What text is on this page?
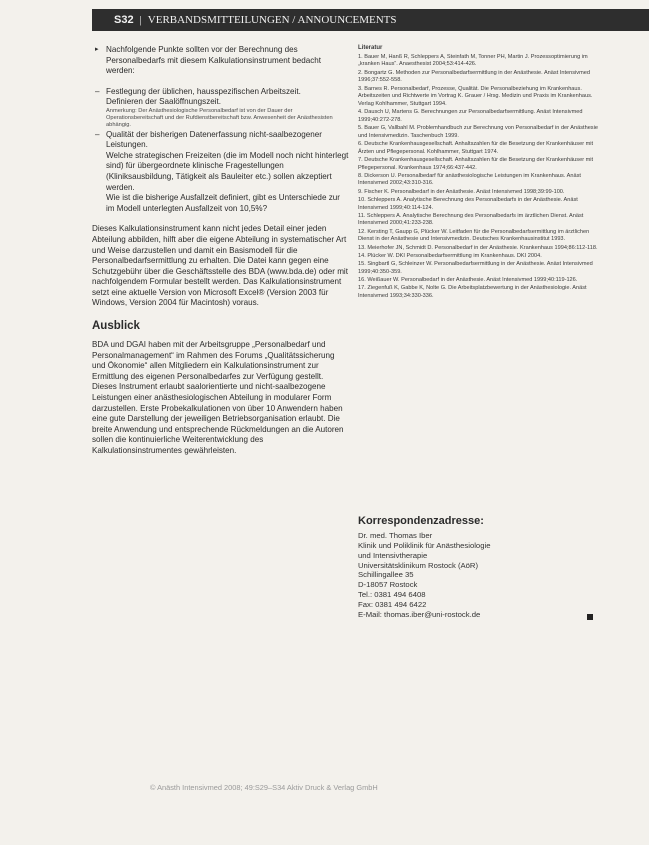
S32 | VERBANDSMITTEILUNGEN / ANNOUNCEMENTS

▸ Nachfolgende Punkte sollten vor der Berechnung des Personalbedarfs mit diesem Kalkulationsinstrument bedacht werden:

– Festlegung der üblichen, hausspezifischen Arbeitszeit.

Definieren der Saalöffnungszeit.

Anmerkung: Der Anästhesiologische Personalbedarf ist von der Dauer der Operationsbereitschaft und der Rufdienstbereitschaft bzw. Anwesenheit der Anästhesisten abhängig.

– Qualität der bisherigen Datenerfassung nicht-saalbezogener Leistungen.

Welche strategischen Freizeiten (die im Modell noch nicht hinterlegt sind) für übergeordnete klinische Fragestellungen (Kliniksausbildung, Tätigkeit als Bauleiter etc.) sollen akzeptiert werden.

Wie ist die bisherige Ausfallzeit definiert, gibt es Unterschiede zur im Modell unterlegten Ausfallzeit von 10,5%?

Dieses Kalkulationsinstrument kann nicht jedes Detail einer jeden Abteilung abbilden, hilft aber die eigene Abteilung in systematischer Art und Weise darzustellen und damit ein Basismodell für die Personalbedarfsermittlung zu erhalten. Die Datei kann gegen eine Schutzgebühr über die Geschäftsstelle des BDA (www.bda.de) oder mit nachfolgendem Formular bestellt werden. Das Kalkulationsinstrument setzt eine aktuelle Version von Microsoft Excel® (Version 2003 für Windows, Version 2004 für Macintosh) voraus.

Ausblick

BDA und DGAI haben mit der Arbeitsgruppe „Personalbedarf und Personalmanagement“ im Rahmen des Forums „Qualitätssicherung und Ökonomie“ allen Mitgliedern ein Kalkulationsinstrument zur Ermittlung des eigenen Personalbedarfes zur Verfügung gestellt. Dieses Instrument erlaubt saalorientierte und nicht-saalbezogene Leistungen einer anästhesiologischen Abteilung in modularer Form darzustellen. Erste Probekalkulationen von über 10 Anwendern haben eine gute Darstellung der jeweiligen Betriebsorganisation erlaubt. Die breite Anwendung und entsprechende Rückmeldungen an die Autoren sollen die kontinuierliche Weiterentwicklung des Kalkulationsinstrumentes gewährleisten.

Literatur
1. Bauer M, Hanß R, Schleppers A, Steinfath M, Tonner PH, Martin J. Prozessoptimierung im „kranken Haus“. Anaesthesist 2004;53:414-426.
2. Bongartz G. Methoden zur Personalbedarfsermittlung in der Anästhesie. Anäst Intensivmed 1996;37:552-558.
3. Barnes R. Personalbedarf, Prozesse, Qualität. Die Personalbeziehung im Krankenhaus. Arbeitszeiten und Richtwerte im Vortrag K. Grauer / Hrsg. Medizin und Praxis im Krankenhaus. Verlag Kohlhammer, Stuttgart 1994.
4. Dausch U, Martens G. Berechnungen zur Personalbedarfsermittlung. Anäst Intensivmed 1999;40:272-278.
5. Bauer G, Vallbahl M. Problemhandbuch zur Berechnung von Personalbedarf in der Anästhesie und Intensivmedizin. Taschenbuch 1999.
6. Deutsche Krankenhausgesellschaft. Anhaltszahlen für die Besetzung der Krankenhäuser mit Ärzten und Pflegepersonal. Kohlhammer, Stuttgart 1974.
7. Deutsche Krankenhausgesellschaft. Anhaltszahlen für die Besetzung der Krankenhäuser mit Pflegepersonal. Krankenhaus 1974;66:437-442.
8. Dickerson U. Personalbedarf für anästhesiologische Leistungen im Krankenhaus. Anäst Intensivmed 2002;43:310-316.
9. Fischer K. Personalbedarf in der Anästhesie. Anäst Intensivmed 1998;39:99-100.
10. Schleppers A. Analytische Berechnung des Personalbedarfs in der Anästhesie. Anäst Intensivmed 1999;40:114-124.
11. Schleppers A. Analytische Berechnung des Personalbedarfs im ärztlichen Dienst. Anäst Intensivmed 2000;41:233-238.
12. Kersting T, Gaupp G, Plücker W. Leitfaden für die Personalbedarfsermittlung im ärztlichen Dienst in der Anästhesie und Intensivmedizin. Deutsches Krankenhausinstitut 1993.
13. Meierhofer JN, Schmidt D. Personalbedarf in der Anästhesie. Krankenhaus 1994;86:112-118.
14. Plücker W. DKI Personalbedarfsermittlung im Krankenhaus. DKI 2004.
15. Singbartl G, Schleinzer W. Personalbedarfsermittlung in der Anästhesie. Anäst Intensivmed 1999;40:350-359.
16. Weißauer W. Personalbedarf in der Anästhesie. Anäst Intensivmed 1999;40:119-126.
17. Ziegenfuß K, Gabbe K, Nolte G. Die Arbeitsplatzbewertung in der Anästhesiologie. Anäst Intensivmed 1993;34:330-336.
Korrespondenzadresse:
Dr. med. Thomas Iber
Klinik und Poliklinik für Anästhesiologie
und Intensivtherapie
Universitätsklinikum Rostock (AöR)
Schillingallee 35
D-18057 Rostock
Tel.: 0381 494 6408
Fax: 0381 494 6422
E-Mail: thomas.iber@uni-rostock.de
© Anästh Intensivmed 2008; 49:S29–S34 Aktiv Druck & Verlag GmbH
